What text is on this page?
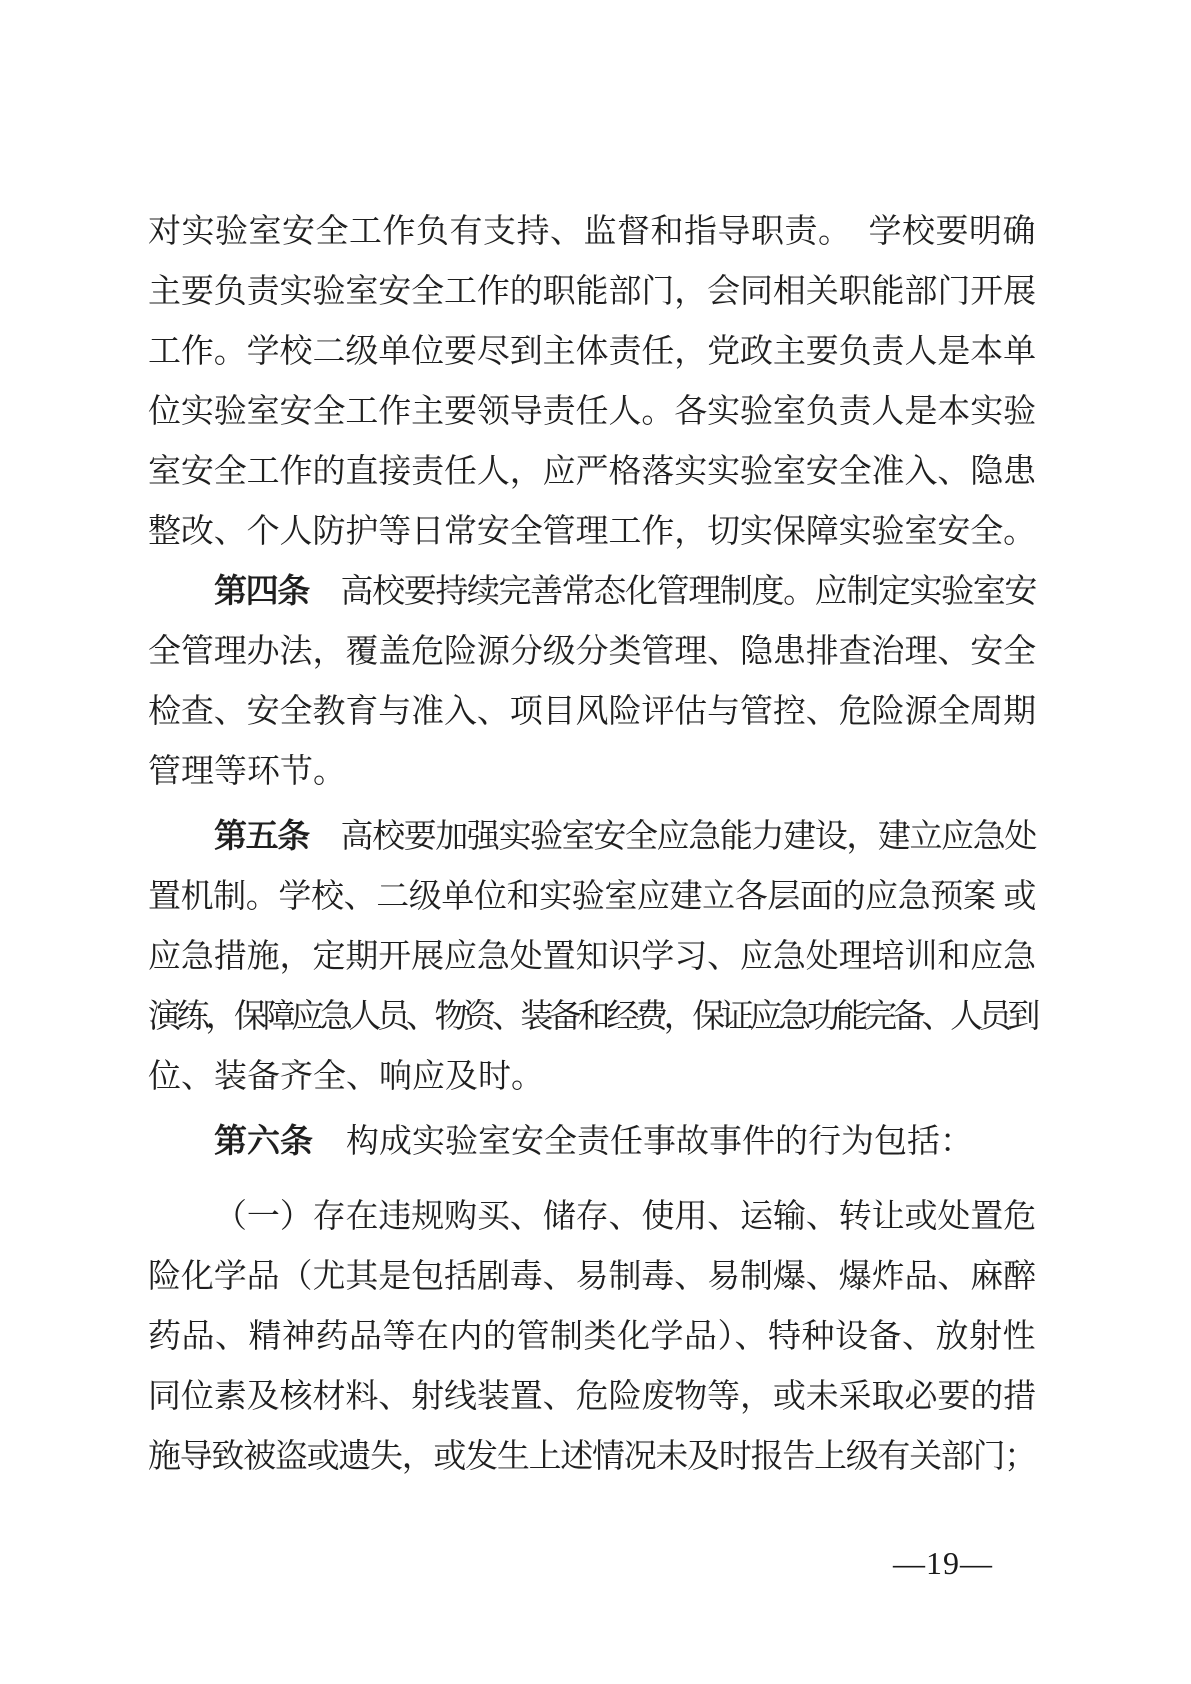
对实验室安全工作负有支持、监督和指导职责。　学校要明确
主要负责实验室安全工作的职能部门，会同相关职能部门开展
工作。学校二级单位要尽到主体责任，党政主要负责人是本单
位实验室安全工作主要领导责任人。各实验室负责人是本实验
室安全工作的直接责任人，应严格落实实验室安全准入、隐患
整改、个人防护等日常安全管理工作，切实保障实验室安全。
第四条　高校要持续完善常态化管理制度。应制定实验室安
全管理办法，覆盖危险源分级分类管理、隐患排查治理、安全
检查、安全教育与准入、项目风险评估与管控、危险源全周期
管理等环节。
第五条　高校要加强实验室安全应急能力建设，建立应急处
置机制。学校、二级单位和实验室应建立各层面的应急预案 或
应急措施，定期开展应急处置知识学习、应急处理培训和应急
演练，保障应急人员、物资、装备和经费，保证应急功能完备、人员到
位、装备齐全、响应及时。
第六条　构成实验室安全责任事故事件的行为包括：
（一）存在违规购买、储存、使用、运输、转让或处置危
险化学品（尤其是包括剧毒、易制毒、易制爆、爆炸品、麻醉
药品、精神药品等在内的管制类化学品）、特种设备、放射性
同位素及核材料、射线装置、危险废物等，或未采取必要的措
施导致被盗或遗失，或发生上述情况未及时报告上级有关部门；
—19—
